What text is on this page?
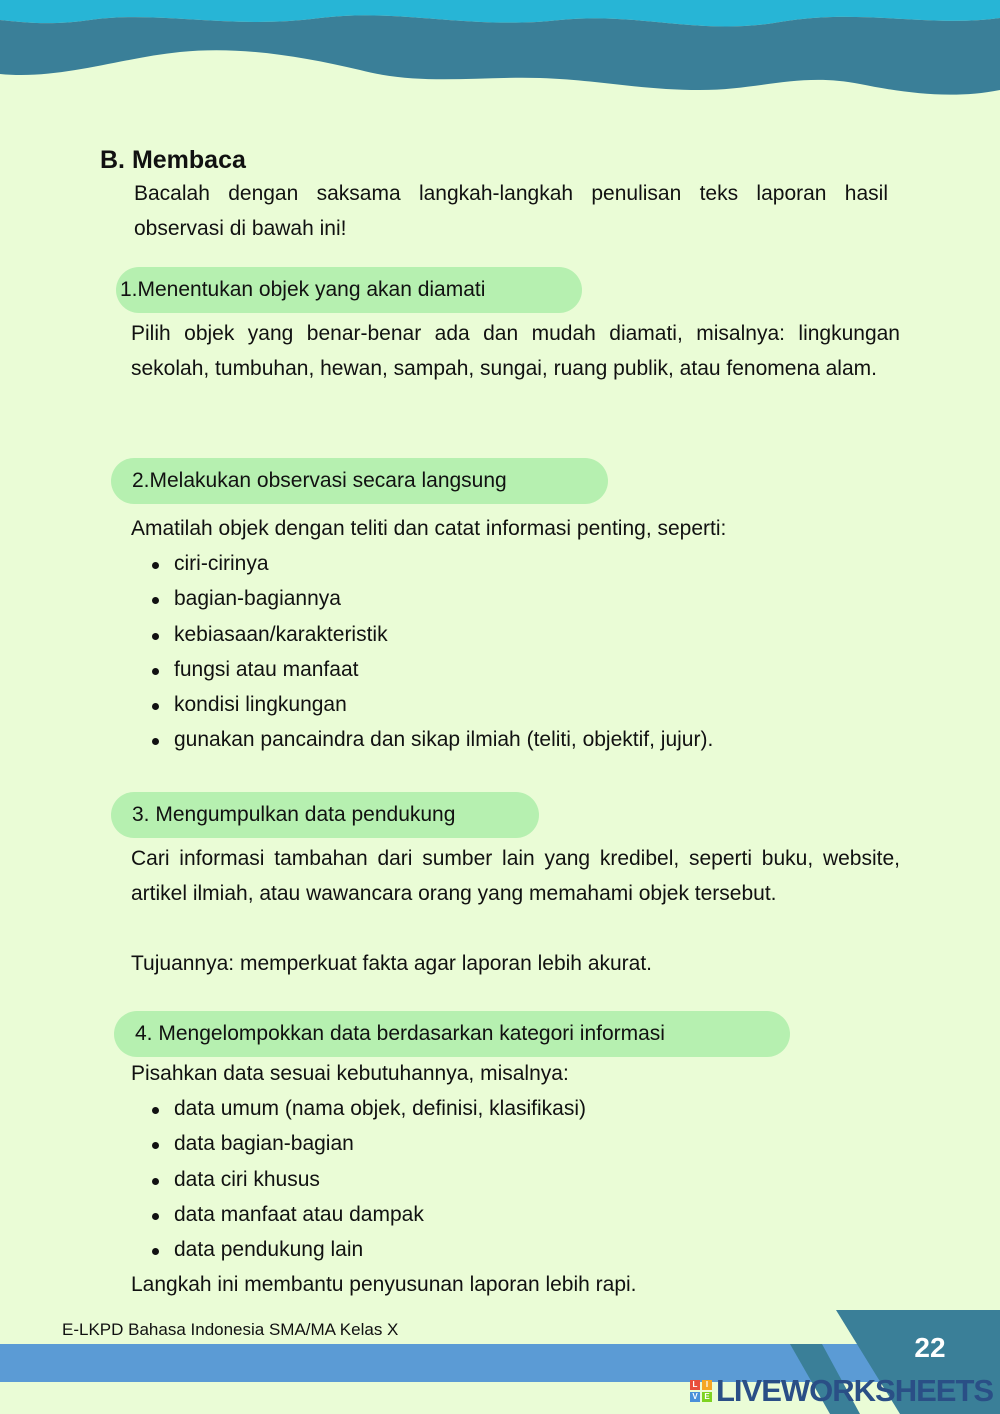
B. Membaca

Bacalah dengan saksama langkah-langkah penulisan teks laporan hasil observasi di bawah ini!

1.Menentukan objek yang akan diamati

Pilih objek yang benar-benar ada dan mudah diamati, misalnya: lingkungan sekolah, tumbuhan, hewan, sampah, sungai, ruang publik, atau fenomena alam.

2.Melakukan observasi secara langsung

Amatilah objek dengan teliti dan catat informasi penting, seperti:

ciri-cirinya
bagian-bagiannya
kebiasaan/karakteristik
fungsi atau manfaat
kondisi lingkungan
gunakan pancaindra dan sikap ilmiah (teliti, objektif, jujur).
3. Mengumpulkan data pendukung

Cari informasi tambahan dari sumber lain yang kredibel, seperti buku, website, artikel ilmiah, atau wawancara orang yang memahami objek tersebut.

Tujuannya: memperkuat fakta agar laporan lebih akurat.

4. Mengelompokkan data berdasarkan kategori informasi

Pisahkan data sesuai kebutuhannya, misalnya:

data umum (nama objek, definisi, klasifikasi)
data bagian-bagian
data ciri khusus
data manfaat atau dampak
data pendukung lain

Langkah ini membantu penyusunan laporan lebih rapi.

E-LKPD Bahasa Indonesia SMA/MA Kelas X
22
L	I
V E LIVEWORKSHEETS
